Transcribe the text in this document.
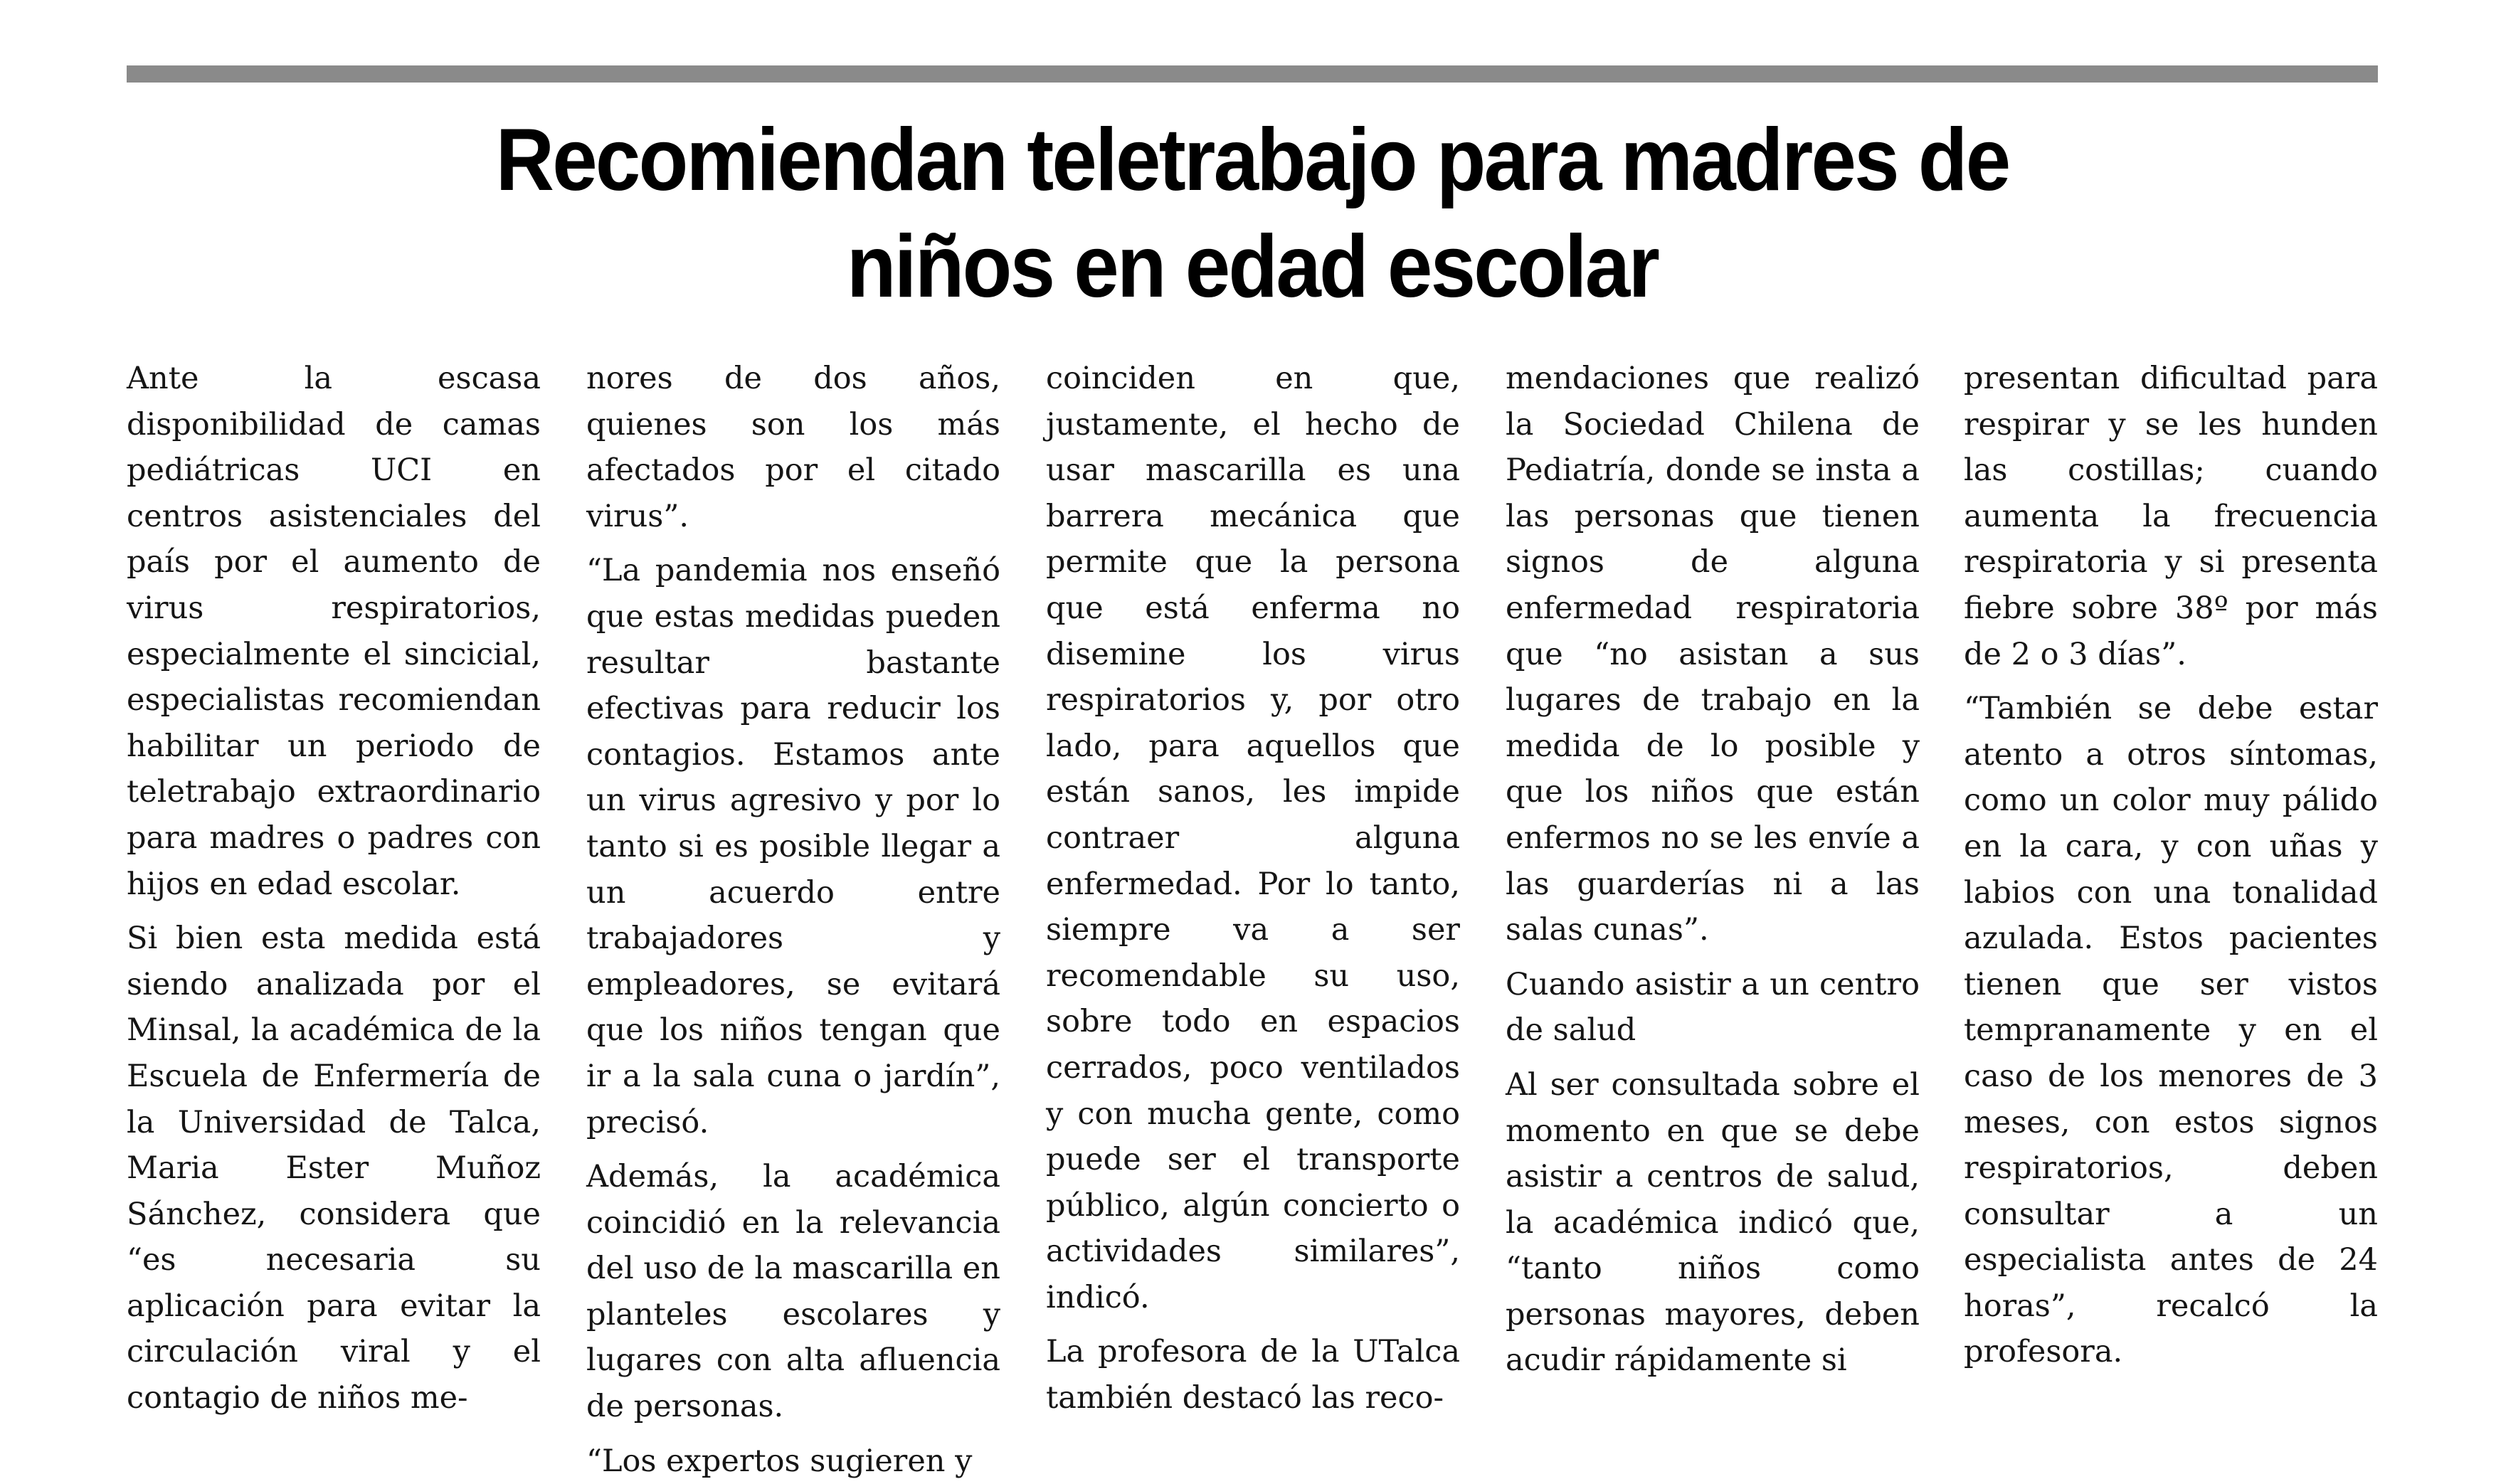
Recomiendan teletrabajo para madres de
niños en edad escolar

Ante la escasa disponibilidad de camas pediátricas UCI en centros asistenciales del país por el aumento de virus respiratorios, especialmente el sincicial, especialistas recomiendan habilitar un periodo de teletrabajo extraordinario para madres o padres con hijos en edad escolar.

Si bien esta medida está siendo analizada por el Minsal, la académica de la Escuela de Enfermería de la Universidad de Talca, Maria Ester Muñoz Sánchez, considera que “es necesaria su aplicación para evitar la circulación viral y el contagio de niños me-

nores de dos años, quienes son los más afectados por el citado virus”.

“La pandemia nos enseñó que estas medidas pueden resultar bastante efectivas para reducir los contagios. Estamos ante un virus agresivo y por lo tanto si es posible llegar a un acuerdo entre trabajadores y empleadores, se evitará que los niños tengan que ir a la sala cuna o jardín”, precisó.

Además, la académica coincidió en la relevancia del uso de la mascarilla en planteles escolares y lugares con alta afluencia de personas.

“Los expertos sugieren y

coinciden en que, justamente, el hecho de usar mascarilla es una barrera mecánica que permite que la persona que está enferma no disemine los virus respiratorios y, por otro lado, para aquellos que están sanos, les impide contraer alguna enfermedad. Por lo tanto, siempre va a ser recomendable su uso, sobre todo en espacios cerrados, poco ventilados y con mucha gente, como puede ser el transporte público, algún concierto o actividades similares”, indicó.

La profesora de la UTalca también destacó las reco-

mendaciones que realizó la Sociedad Chilena de Pediatría, donde se insta a las personas que tienen signos de alguna enfermedad respiratoria que “no asistan a sus lugares de trabajo en la medida de lo posible y que los niños que están enfermos no se les envíe a las guarderías ni a las salas cunas”.

Cuando asistir a un centro de salud

Al ser consultada sobre el momento en que se debe asistir a centros de salud, la académica indicó que, “tanto niños como personas mayores, deben acudir rápidamente si

presentan dificultad para respirar y se les hunden las costillas; cuando aumenta la frecuencia respiratoria y si presenta fiebre sobre 38º por más de 2 o 3 días”.

“También se debe estar atento a otros síntomas, como un color muy pálido en la cara, y con uñas y labios con una tonalidad azulada. Estos pacientes tienen que ser vistos tempranamente y en el caso de los menores de 3 meses, con estos signos respiratorios, deben consultar a un especialista antes de 24 horas”, recalcó la profesora.
